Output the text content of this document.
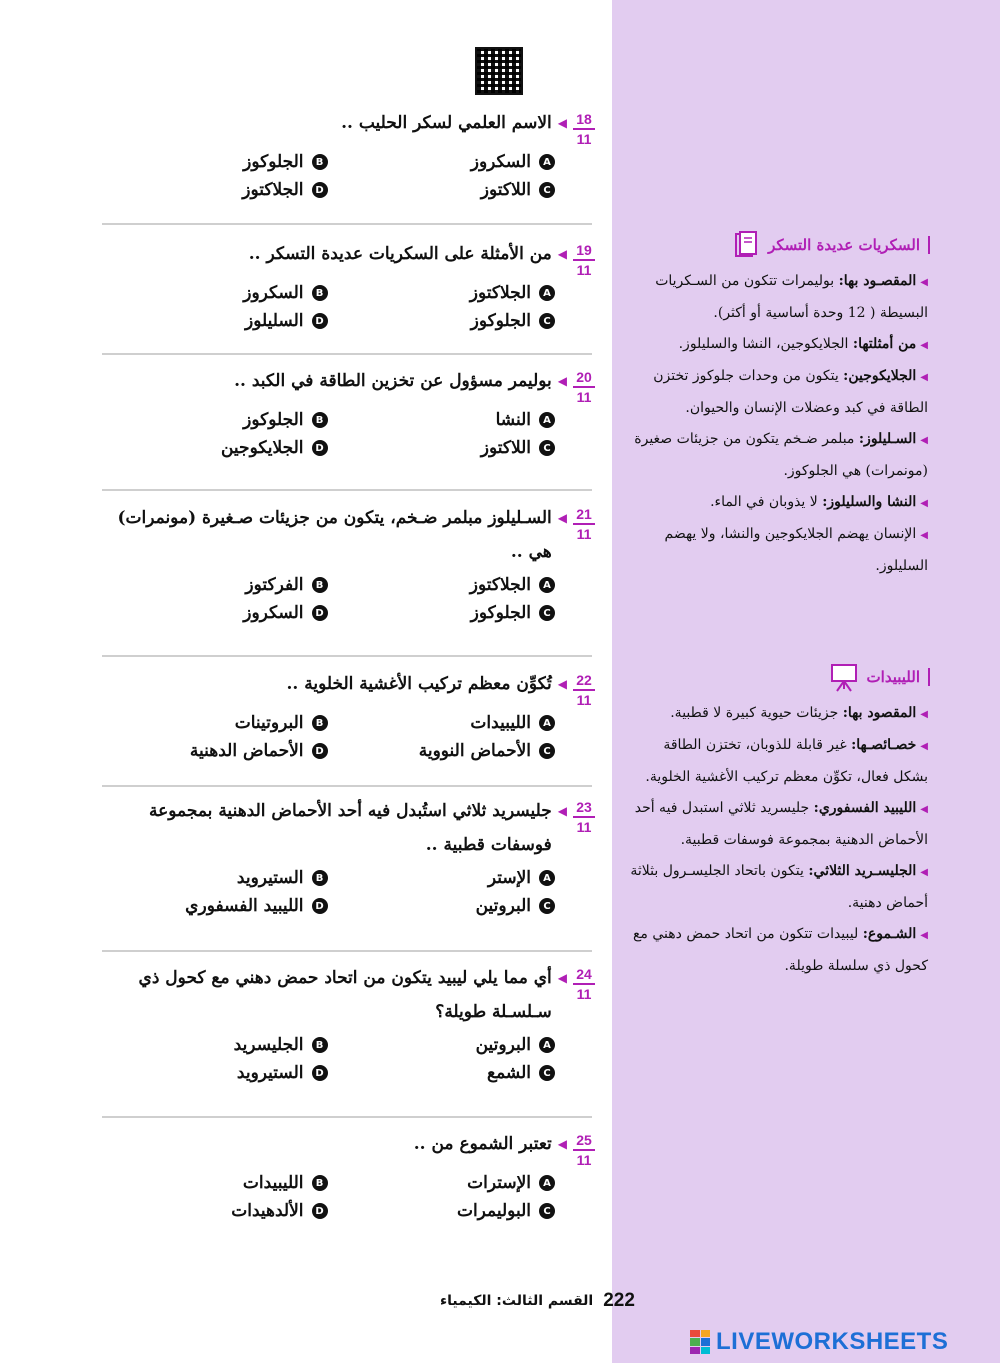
18
11
◀
الاسم العلمي لسكر الحليب ..
A
السكروز
B
الجلوكوز
C
اللاكتوز
D
الجلاكتوز
19
11
◀
من الأمثلة على السكريات عديدة التسكر ..
A
الجلاكتوز
B
السكروز
C
الجلوكوز
D
السليلوز
20
11
◀
بوليمر مسؤول عن تخزين الطاقة في الكبد ..
A
النشا
B
الجلوكوز
C
اللاكتوز
D
الجلايكوجين
21
11
◀
السـليلوز مبلمر ضـخم، يتكون من جزيئات صـغيرة (مونمرات) هي ..
A
الجلاكتوز
B
الفركتوز
C
الجلوكوز
D
السكروز
22
11
◀
تُكوِّن معظم تركيب الأغشية الخلوية ..
A
الليبيدات
B
البروتينات
C
الأحماض النووية
D
الأحماض الدهنية
23
11
◀
جليسريد ثلاثي استُبدل فيه أحد الأحماض الدهنية بمجموعة فوسفات قطبية ..
A
الإستر
B
الستيرويد
C
البروتين
D
الليبيد الفسفوري
24
11
◀
أي مما يلي ليبيد يتكون من اتحاد حمض دهني مع كحول ذي سـلسـلة طويلة؟
A
البروتين
B
الجليسريد
C
الشمع
D
الستيرويد
25
11
◀
تعتبر الشموع من ..
A
الإسترات
B
الليبيدات
C
البوليمرات
D
الألدهيدات
السكريات عديدة التسكر

◀المقصـود بها: بوليمرات تتكون من السـكريات البسيطة ( 12 وحدة أساسية أو أكثر).

◀من أمثلتها: الجلايكوجين، النشا والسليلوز.

◀الجلايكوجين: يتكون من وحدات جلوكوز تختزن الطاقة في كبد وعضلات الإنسان والحيوان.

◀السـليلوز: مبلمر ضـخم يتكون من جزيئات صغيرة (مونمرات) هي الجلوكوز.

◀النشا والسليلوز: لا يذوبان في الماء.

◀الإنسان يهضم الجلايكوجين والنشا، ولا يهضم السليلوز.

الليبيدات

◀المقصود بها: جزيئات حيوية كبيرة لا قطبية.

◀خصـائصـها: غير قابلة للذوبان، تختزن الطاقة بشكل فعال، تكوِّن معظم تركيب الأغشية الخلوية.

◀الليبيد الفسفوري: جليسريد ثلاثي استبدل فيه أحد الأحماض الدهنية بمجموعة فوسفات قطبية.

◀الجليسـريد الثلاثي: يتكون باتحاد الجليسـرول بثلاثة أحماض دهنية.

◀الشـموع: ليبيدات تتكون من اتحاد حمض دهني مع كحول ذي سلسلة طويلة.

222
القسم الثالث: الكيمياء
LIVEWORKSHEETS
